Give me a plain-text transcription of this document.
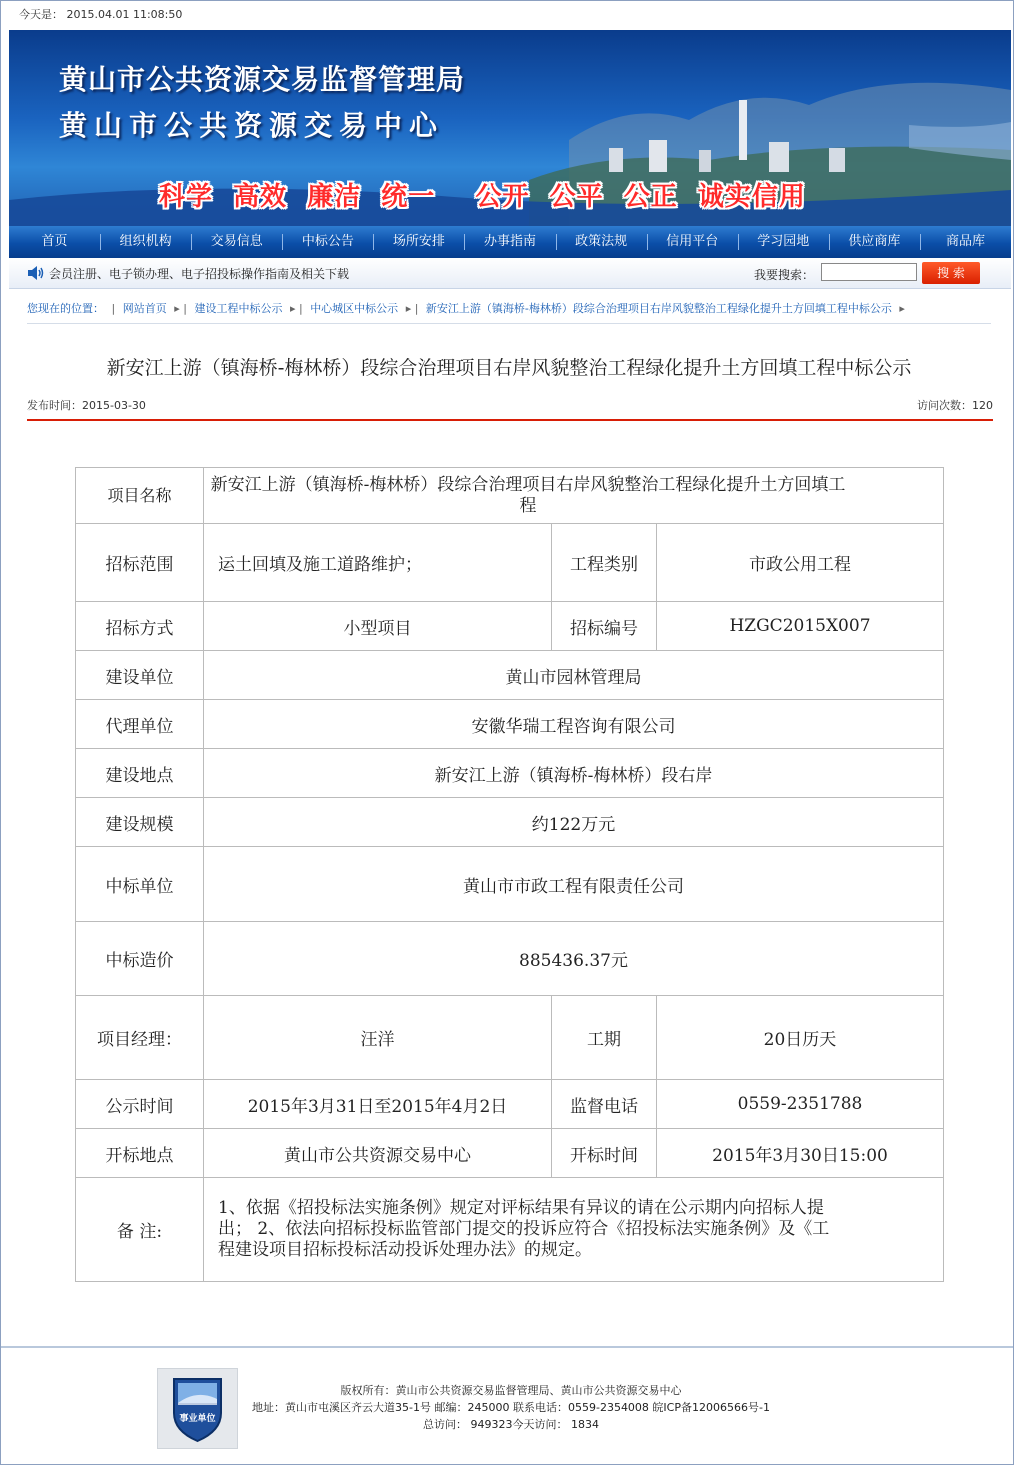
今天是： 2015.04.01 11:08:50
黄山市公共资源交易监督管理局
黄山市公共资源交易中心
科学  高效  廉洁  统一    公开  公平  公正  诚实信用
首页	组织机构	交易信息	中标公告	场所安排	办事指南	政策法规	信用平台	学习园地	供应商库	商品库
会员注册、电子锁办理、电子招投标操作指南及相关下载	我要搜索：	搜 索
您现在的位置： | 网站首页 ▸ | 建设工程中标公示 ▸ | 中心城区中标公示 ▸ | 新安江上游（镇海桥-梅林桥）段综合治理项目右岸风貌整治工程绿化提升土方回填工程中标公示 ▸
新安江上游（镇海桥-梅林桥）段综合治理项目右岸风貌整治工程绿化提升土方回填工程中标公示
发布时间：2015-03-30	访问次数：120
项目名称	新安江上游（镇海桥-梅林桥）段综合治理项目右岸风貌整治工程绿化提升土方回填工程		
招标范围	运土回填及施工道路维护；	工程类别	市政公用工程
招标方式	小型项目	招标编号	HZGC2015X007
建设单位	黄山市园林管理局		
代理单位	安徽华瑞工程咨询有限公司		
建设地点	新安江上游（镇海桥-梅林桥）段右岸		
建设规模	约122万元		
中标单位	黄山市市政工程有限责任公司		
中标造价	885436.37元		
项目经理：	汪洋	工期	20日历天
公示时间	2015年3月31日至2015年4月2日	监督电话	0559-2351788
开标地点	黄山市公共资源交易中心	开标时间	2015年3月30日15:00
备 注:	1、依据《招投标法实施条例》规定对评标结果有异议的请在公示期内向招标人提出； 2、依法向招标投标监管部门提交的投诉应符合《招投标法实施条例》及《工程建设项目招标投标活动投诉处理办法》的规定。		
事业单位
版权所有：黄山市公共资源交易监督管理局、黄山市公共资源交易中心
地址：黄山市屯溪区齐云大道35-1号 邮编：245000 联系电话：0559-2354008 皖ICP备12006566号-1
总访问： 949323今天访问： 1834
